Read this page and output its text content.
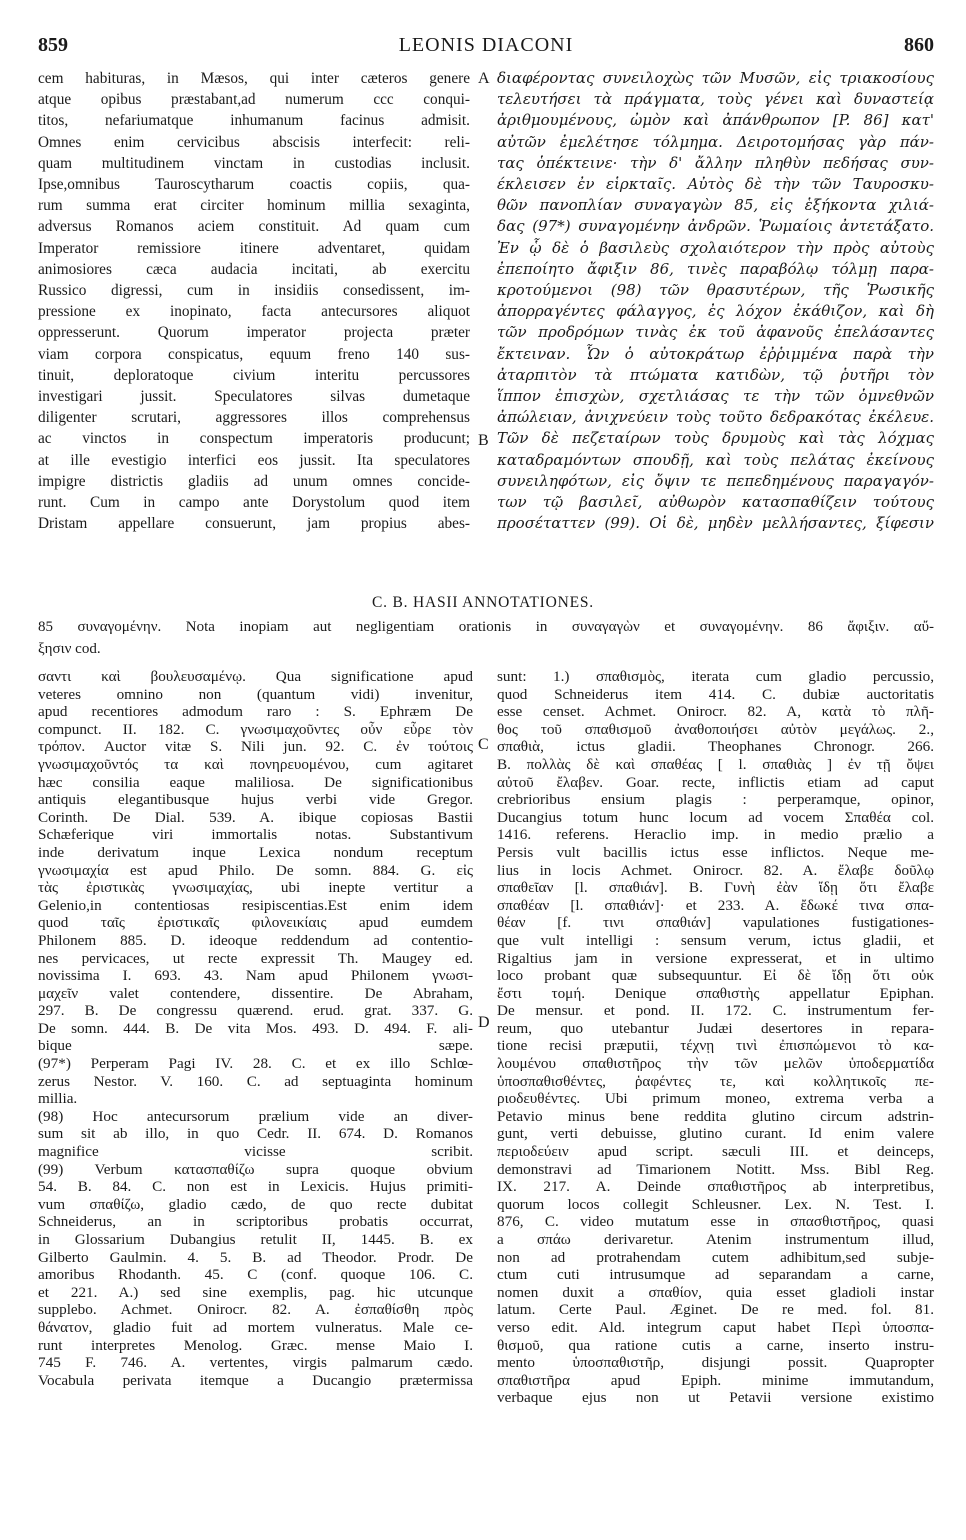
859	LEONIS DIACONI	860
A
B
C
D
cem habituras, in Mæsos, qui inter cæteros genere
atque opibus præstabant,ad numerum ccc conqui-
titos, nefariumatque inhumanum facinus admisit.
Omnes enim cervicibus abscisis interfecit: reli-
quam multitudinem vinctam in custodias inclusit.
Ipse,omnibus Tauroscytharum coactis copiis, qua-
rum summa erat circiter hominum millia sexaginta,
adversus Romanos aciem constituit. Ad quam cum
Imperator remissiore itinere adventaret, quidam
animosiores cæca audacia incitati, ab exercitu
Russico digressi, cum in insidiis consedissent, im-
pressione ex inopinato, facta antecursores aliquot
oppresserunt. Quorum imperator projecta præter
viam corpora conspicatus, equum freno 140 sus-
tinuit, deploratoque civium interitu percussores
investigari jussit. Speculatores silvas dumetaque
diligenter scrutari, aggressores illos comprehensus
ac vinctos in conspectum imperatoris producunt;
at ille evestigio interfici eos jussit. Ita speculatores
impigre districtis gladiis ad unum omnes concide-
runt. Cum in campo ante Dorystolum quod item
Dristam appellare consuerunt, jam propius abes-
διαφέροντας συνειλοχὼς τῶν Μυσῶν, εἰς τριακοσίους
τελευτήσει τὰ πράγματα, τοὺς γένει καὶ δυναστείᾳ
ἀριθμουμένους, ὠμὸν καὶ ἀπάνθρωπον [P. 86] κατ'
αὐτῶν ἐμελέτησε τόλμημα. Δειροτομήσας γὰρ πάν-
τας ὁπέκτεινε· τὴν δ' ἄλλην πληθὺν πεδήσας συν-
έκλεισεν ἐν εἱρκταῖς. Αὐτὸς δὲ τὴν τῶν Ταυροσκυ-
θῶν πανοπλίαν συναγαγὼν 85, εἰς ἑξήκοντα χιλιά-
δας (97*) συναγομένην ἀνδρῶν. Ῥωμαίοις ἀντετάξατο.
Ἐν ᾧ δὲ ὁ βασιλεὺς σχολαιότερον τὴν πρὸς αὐτοὺς
ἐπεποίητο ἄφιξιν 86, τινὲς παραβόλῳ τόλμῃ παρα-
κροτούμενοι (98) τῶν θρασυτέρων, τῆς Ῥωσικῆς
ἀπορραγέντες φάλαγγος, ἐς λόχον ἐκάθιζον, καὶ δὴ
τῶν προδρόμων τινὰς ἐκ τοῦ ἀφανοῦς ἐπελάσαντες
ἔκτειναν. Ὧν ὁ αὐτοκράτωρ ἐῤῥιμμένα παρὰ τὴν
ἀταρπιτὸν τὰ πτώματα κατιδὼν, τῷ ῥυτῆρι τὸν
ἵππον ἐπισχὼν, σχετλιάσας τε τὴν τῶν ὁμνεθνῶν
ἀπώλειαν, ἀνιχνεύειν τοὺς τοῦτο δεδρακότας ἐκέλευε.
Τῶν δὲ πεζεταίρων τοὺς δρυμοὺς καὶ τὰς λόχμας
καταδραμόντων σπουδῇ, καὶ τοὺς πελάτας ἐκείνους
συνειληφότων, εἰς ὄψιν τε πεπεδημένους παραγαγόν-
των τῷ βασιλεῖ, αὐθωρὸν κατασπαθίζειν τούτους
προσέταττεν (99). Οἱ δὲ, μηδὲν μελλήσαντες, ξίφεσιν
C. B. HASII ANNOTATIONES.
85 συναγομένην. Nota inopiam aut negligentiam orationis in συναγαγὼν et συναγομένην. 86 ἄφιξιν. αὔ-
ξησιν cod.
σαντι καὶ βουλευσαμένῳ. Qua significatione apud
veteres omnino non (quantum vidi) invenitur,
apud recentiores admodum raro : S. Ephræm De
compunct. II. 182. C. γνωσιμαχοῦντες οὖν εὗρε τὸν
τρόπον. Auctor vitæ S. Nili jun. 92. C. ἐν τούτοις
γνωσιμαχοῦντός τα καὶ πονηρευομένου, cum agitaret
hæc consilia eaque maliliosa. De significationibus
antiquis elegantibusque hujus verbi vide Gregor.
Corinth. De Dial. 539. A. ibique copiosas Bastii
Schæferique viri immortalis notas. Substantivum
inde derivatum inque Lexica nondum receptum
γνωσιμαχία est apud Philo. De somn. 884. G. εἰς
τὰς ἐριστικὰς γνωσιμαχίας, ubi inepte vertitur a
Gelenio,in contentiosas resipiscentias.Est enim idem
quod ταῖς ἐριστικαῖς φιλονεικίαις apud eumdem
Philonem 885. D. ideoque reddendum ad contentio-
nes pervicaces, ut recte expressit Th. Maugey ed.
novissima I. 693. 43. Nam apud Philonem γνωσι-
μαχεῖν valet contendere, dissentire. De Abraham,
297. B. De congressu quærend. erud. grat. 337. G.
De somn. 444. B. De vita Mos. 493. D. 494. F. ali-
bique sæpe.
(97*) Perperam Pagi IV. 28. C. et ex illo Schlœ-
zerus Nestor. V. 160. C. ad septuaginta hominum
millia.
(98) Hoc antecursorum prælium vide an diver-
sum sit ab illo, in quo Cedr. II. 674. D. Romanos
magnifice vicisse scribit.
(99) Verbum κατασπαθίζω supra quoque obvium
54. B. 84. C. non est in Lexicis. Hujus primiti-
vum σπαθίζω, gladio cædo, de quo recte dubitat
Schneiderus, an in scriptoribus probatis occurrat,
in Glossarium Dubangius retulit II, 1445. B. ex
Gilberto Gaulmin. 4. 5. B. ad Theodor. Prodr. De
amoribus Rhodanth. 45. C (conf. quoque 106. C.
et 221. A.) sed sine exemplis, pag. hic utcunque
supplebo. Achmet. Onirocr. 82. A. ἐσπαθίσθη πρὸς
θάνατον, gladio fuit ad mortem vulneratus. Male ce-
runt interpretes Menolog. Græc. mense Maio I.
745 F. 746. A. vertentes, virgis palmarum cædo.
Vocabula perivata itemque a Ducangio prætermissa
sunt: 1.) σπαθισμὸς, iterata cum gladio percussio,
quod Schneiderus item 414. C. dubiæ auctoritatis
esse censet. Achmet. Onirocr. 82. A, κατὰ τὸ πλῆ-
θος τοῦ σπαθισμοῦ ἀναθοποιήσει αὐτὸν μεγάλως. 2.,
σπαθιὰ, ictus gladii. Theophanes Chronogr. 266.
B. πολλὰς δὲ καὶ σπαθέας [ l. σπαθιὰς ] ἐν τῇ ὄψει
αὐτοῦ ἔλαβεν. Goar. recte, inflictis etiam ad caput
crebrioribus ensium plagis : perperamque, opinor,
Ducangius totum hunc locum ad vocem Σπαθέα col.
1416. referens. Heraclio imp. in medio prælio a
Persis vult bacillis ictus esse inflictos. Neque me-
lius in locis Achmet. Onirocr. 82. A. ἔλαβε δοῦλῳ
σπαθεῖαν [l. σπαθιάν]. B. Γυνὴ ἐὰν ἴδῃ ὅτι ἔλαβε
σπαθέαν [l. σπαθιάν]· et 233. A. ἔδωκέ τινα σπα-
θέαν [f. τινι σπαθιάν] vapulationes fustigationes-
que vult intelligi : sensum verum, ictus gladii, et
Rigaltius jam in versione expresserat, et in ultimo
loco probant quæ subsequuntur. Εἰ δὲ ἴδῃ ὅτι οὐκ
ἔστι τομή. Denique σπαθιστὴς appellatur Epiphan.
De mensur. et pond. II. 172. C. instrumentum fer-
reum, quo utebantur Judæi desertores in repara-
tione recisi præputii, τέχνῃ τινὶ ἐπισπώμενοι τὸ κα-
λουμένου σπαθιστῆρος τὴν τῶν μελῶν ὑποδερματίδα
ὑποσπαθισθέντες, ῥαφέντες τε, καὶ κολλητικοῖς πε-
ριοδευθέντες. Ubi primum moneo, extrema verba a
Petavio minus bene reddita glutino circum adstrin-
gunt, verti debuisse, glutino curant. Id enim valere
περιοδεύειν apud script. sæculi III. et deinceps,
demonstravi ad Timarionem Notitt. Mss. Bibl Reg.
IX. 217. A. Deinde σπαθιστῆρος ab interpretibus,
quorum locos collegit Schleusner. Lex. N. Test. I.
876, C. video mutatum esse in σπασθιστῆρος, quasi
a σπάω derivaretur. Atenim instrumentum illud,
non ad protrahendam cutem adhibitum,sed subje-
ctum cuti intrusumque ad separandam a carne,
nomen duxit a σπαθίον, quia esset gladioli instar
latum. Certe Paul. Æginet. De re med. fol. 81.
verso edit. Ald. integrum caput habet Περὶ ὑποσπα-
θισμοῦ, qua ratione cutis a carne, inserto instru-
mento ὑποσπαθιστῆρ, disjungi possit. Quapropter
σπαθιστῆρα apud Epiph. minime immutandum,
verbaque ejus non ut Petavii versione existimo
